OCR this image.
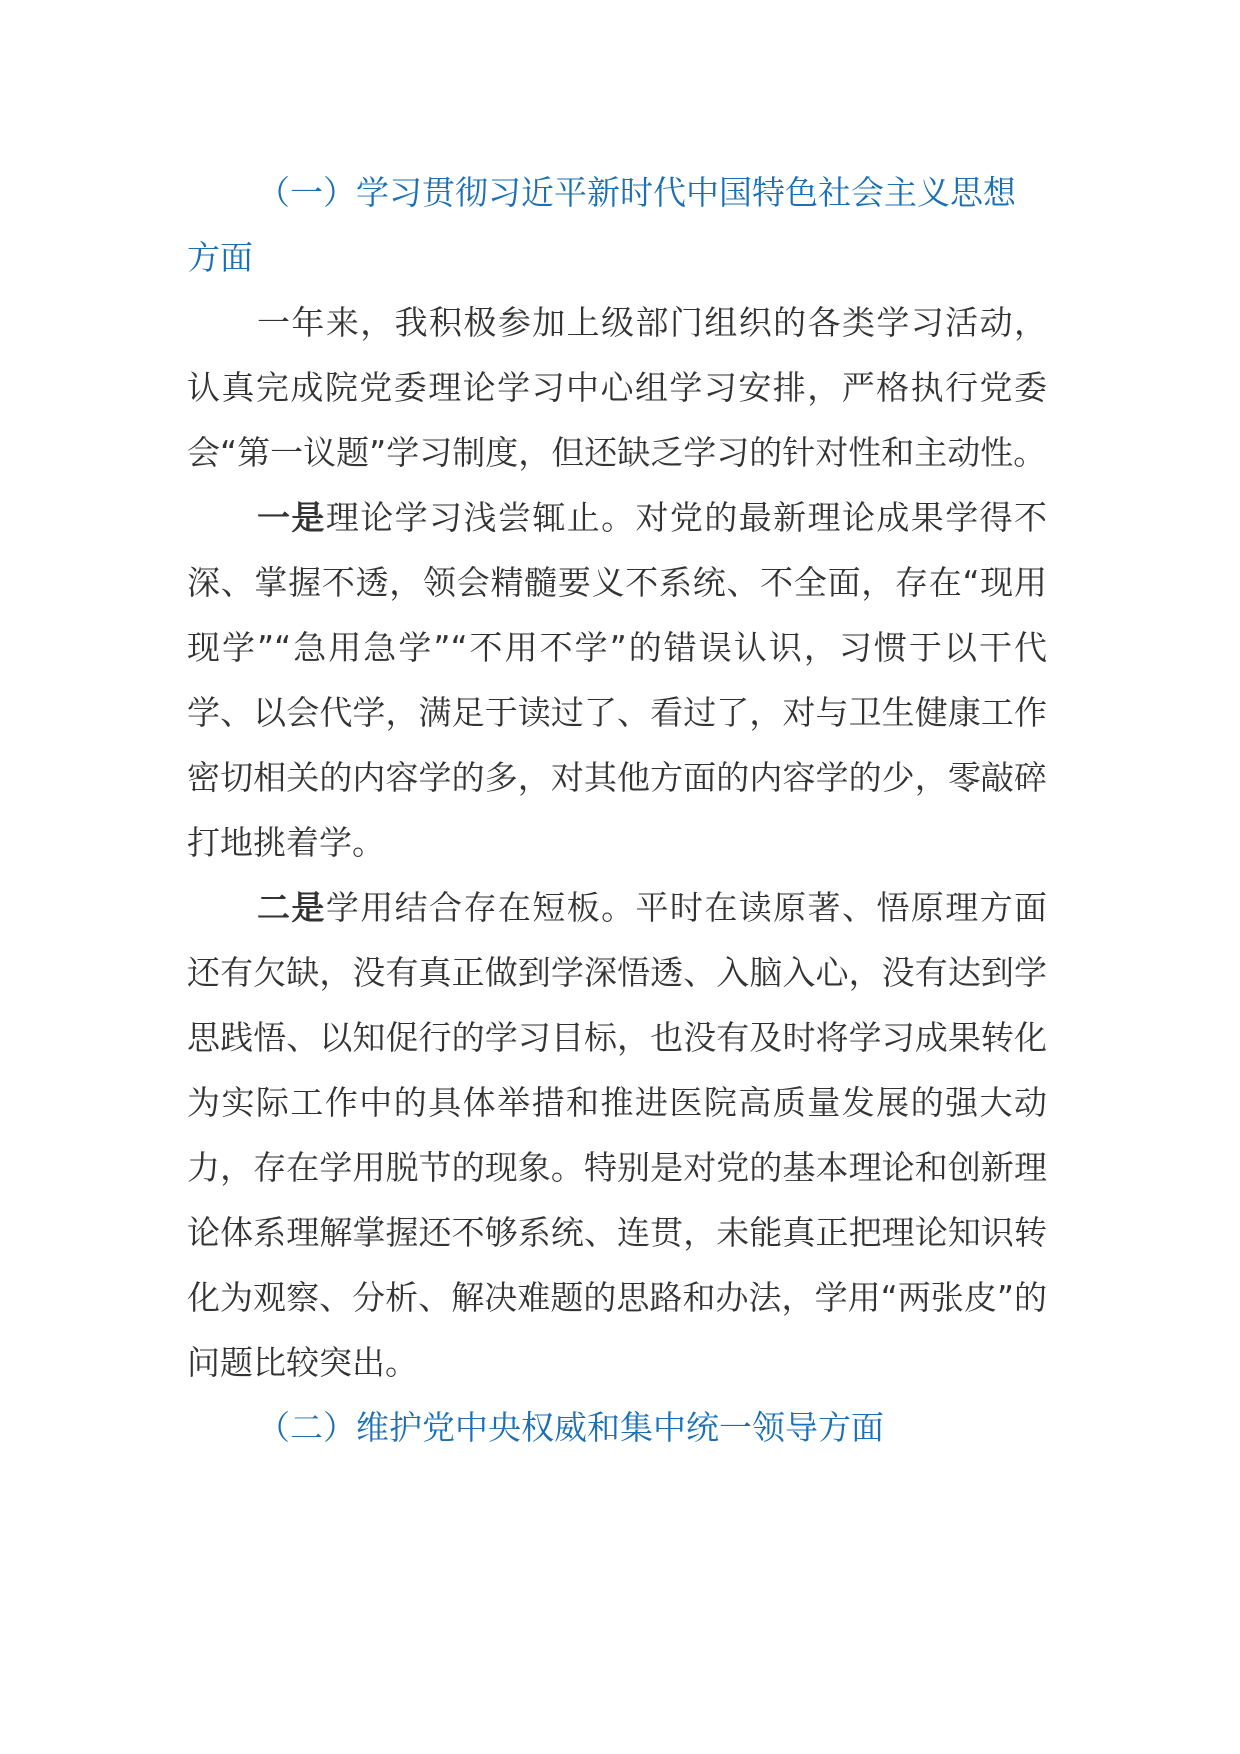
（一）学习贯彻习近平新时代中国特色社会主义思想方面

一年来，我积极参加上级部门组织的各类学习活动，认真完成院党委理论学习中心组学习安排，严格执行党委会“第一议题”学习制度，但还缺乏学习的针对性和主动性。

一是理论学习浅尝辄止。对党的最新理论成果学得不深、掌握不透，领会精髓要义不系统、不全面，存在“现用现学”“急用急学”“不用不学”的错误认识，习惯于以干代学、以会代学，满足于读过了、看过了，对与卫生健康工作密切相关的内容学的多，对其他方面的内容学的少，零敲碎打地挑着学。

二是学用结合存在短板。平时在读原著、悟原理方面还有欠缺，没有真正做到学深悟透、入脑入心，没有达到学思践悟、以知促行的学习目标，也没有及时将学习成果转化为实际工作中的具体举措和推进医院高质量发展的强大动力，存在学用脱节的现象。特别是对党的基本理论和创新理论体系理解掌握还不够系统、连贯，未能真正把理论知识转化为观察、分析、解决难题的思路和办法，学用“两张皮”的问题比较突出。

（二）维护党中央权威和集中统一领导方面
